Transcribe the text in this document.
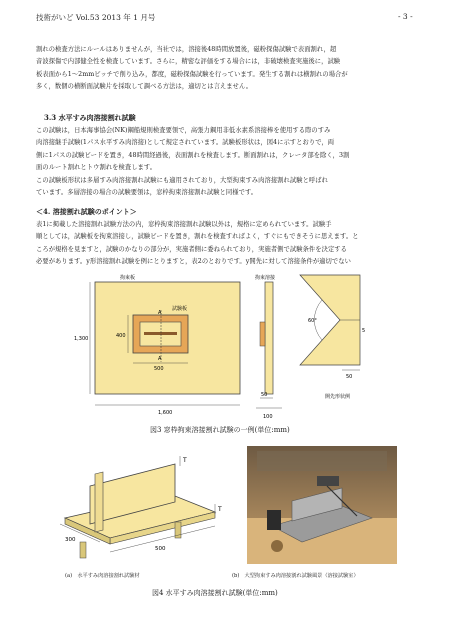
技術がいど Vol.53 2013 年 1 月号	- 3 -
割れの検査方法にルールはありませんが，当社では，溶接後48時間放置後，磁粉探傷試験で表面割れ，超
音波探傷で内部健全性を検査しています。さらに，精密な評価をする場合には，非破壊検査実施後に，試験
板表面から1～2mmピッチで削り込み，都度，磁粉探傷試験を行っています。発生する割れは横割れの場合が
多く，数個の横断面試験片を採取して調べる方法は，適切とは言えません。
3.3 水平すみ肉溶接割れ試験
この試験は，日本海事協会(NK)鋼船規則検査要領で，高張力鋼用非低水素系溶接棒を使用する際のすみ
肉溶接継手試験(1パス水平すみ肉溶接)として規定されています。試験板形状は，図4に示すとおりで，両
側に1パスの試験ビードを置き，48時間経過後，表面割れを検査します。断面割れは，クレータ部を除く，3割
面のルート割れとトウ割れを検査します。
この試験板形状は多層すみ肉溶接割れ試験にも適用されており，大型拘束すみ肉溶接割れ試験と呼ばれ
ています。多層溶接の場合の試験要領は，窓枠拘束溶接割れ試験と同様です。
＜4. 溶接割れ試験のポイント＞
表1に掲載した溶接割れ試験方法の内，窓枠拘束溶接割れ試験以外は，規格に定められています。試験手
順としては，試験板を拘束溶接し，試験ビードを置き，割れを検査すればよく，すぐにもできそうに思えます。と
ころが規格を見ますと，試験のかなりの部分が，実施者側に委ねられており，実施者側で試験条件を決定する
必要があります。y形溶接割れ試験を例にとりますと，表2のとおりです。y開先に対して溶接条件が適切でない
拘束板	拘束溶接
試験板
A
A
400
500
1,300
1,600
50
100
60°
5
50
開先形状例
図3 窓枠拘束溶接割れ試験の一例(単位:mm)
T
T
300
500
(a)　水平すみ肉溶接割れ試験材	(b)　大型拘束すみ肉溶接割れ試験風景（溶接試験室）
図4 水平すみ肉溶接割れ試験(単位:mm)
